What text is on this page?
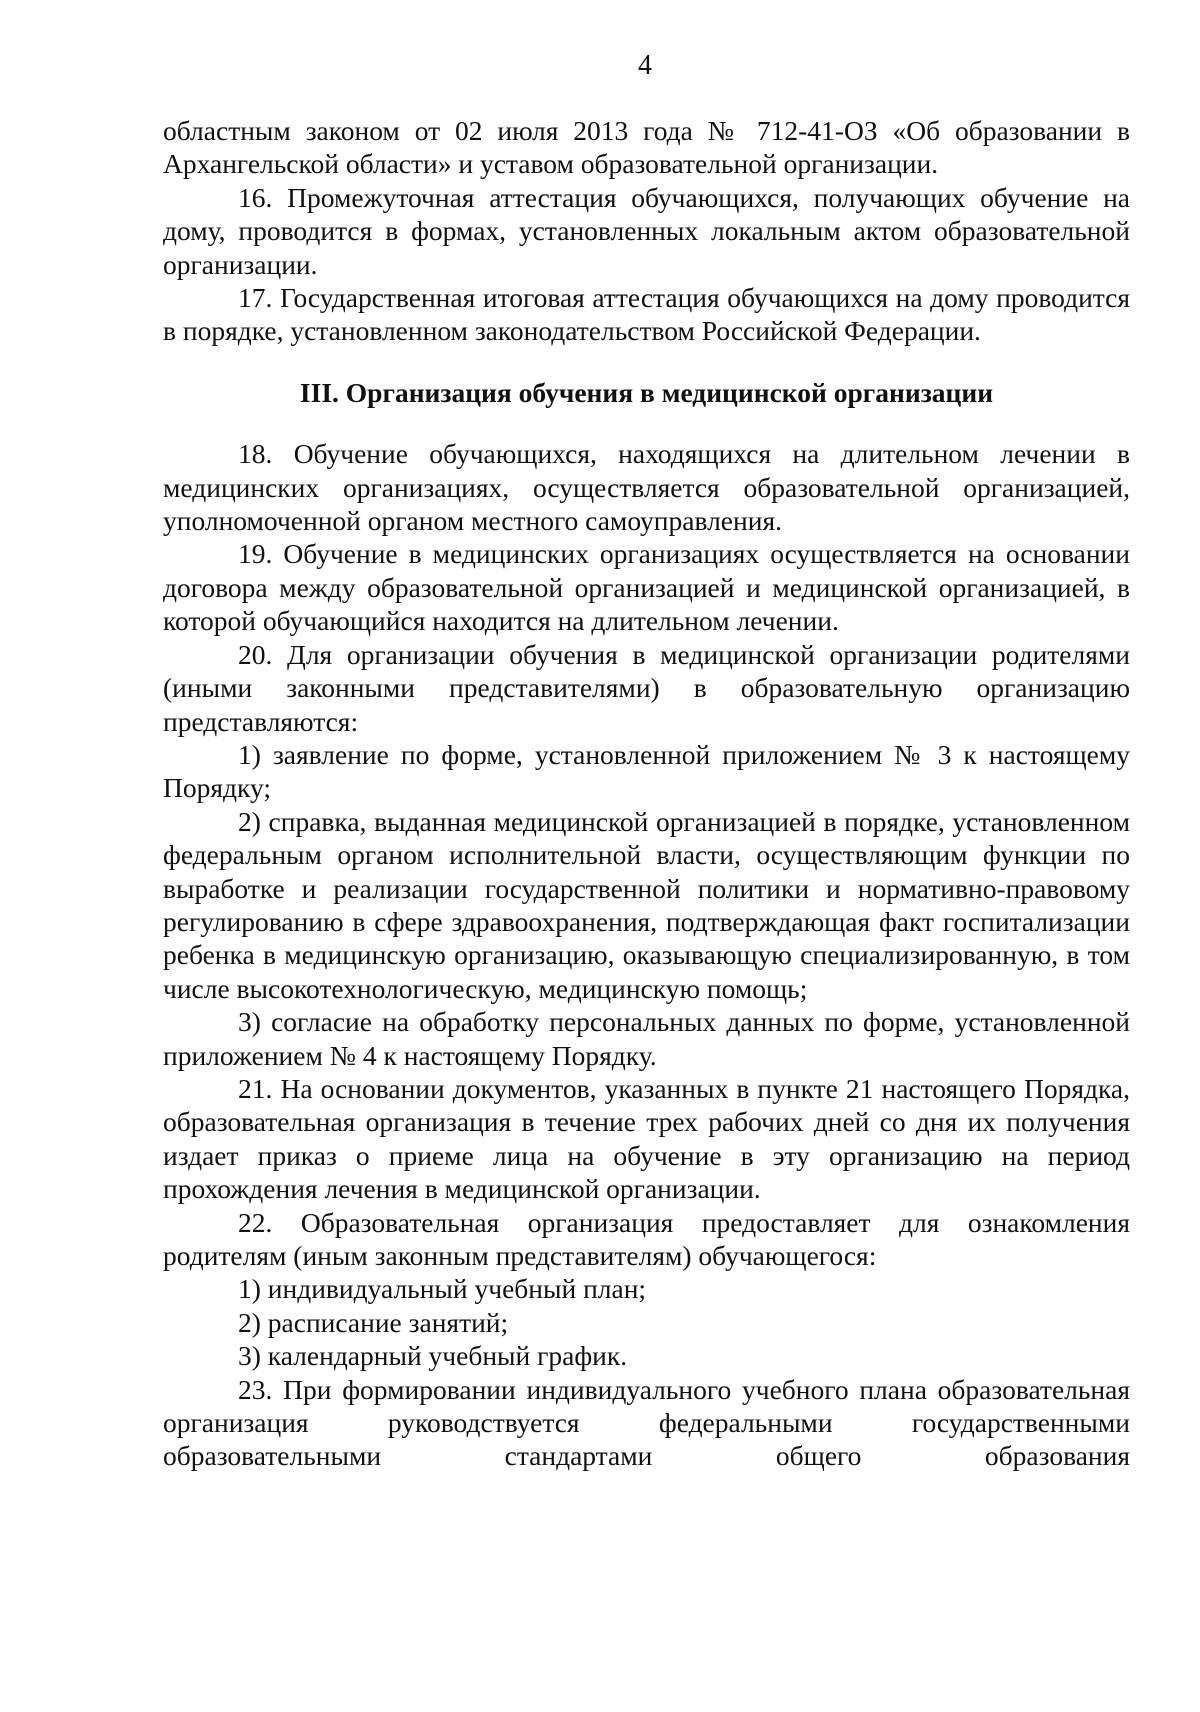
4

областным законом от 02 июля 2013 года № 712-41-ОЗ «Об образовании в Архангельской области» и уставом образовательной организации.

16. Промежуточная аттестация обучающихся, получающих обучение на дому, проводится в формах, установленных локальным актом образовательной организации.

17. Государственная итоговая аттестация обучающихся на дому проводится в порядке, установленном законодательством Российской Федерации.

III. Организация обучения в медицинской организации

18. Обучение обучающихся, находящихся на длительном лечении в медицинских организациях, осуществляется образовательной организацией, уполномоченной органом местного самоуправления.

19. Обучение в медицинских организациях осуществляется на основании договора между образовательной организацией и медицинской организацией, в которой обучающийся находится на длительном лечении.

20. Для организации обучения в медицинской организации родителями (иными законными представителями) в образовательную организацию представляются:

1) заявление по форме, установленной приложением № 3 к настоящему Порядку;

2) справка, выданная медицинской организацией в порядке, установленном федеральным органом исполнительной власти, осуществляющим функции по выработке и реализации государственной политики и нормативно-правовому регулированию в сфере здравоохранения, подтверждающая факт госпитализации ребенка в медицинскую организацию, оказывающую специализированную, в том числе высокотехнологическую, медицинскую помощь;

3) согласие на обработку персональных данных по форме, установленной приложением № 4 к настоящему Порядку.

21. На основании документов, указанных в пункте 21 настоящего Порядка, образовательная организация в течение трех рабочих дней со дня их получения издает приказ о приеме лица на обучение в эту организацию на период прохождения лечения в медицинской организации.

22. Образовательная организация предоставляет для ознакомления родителям (иным законным представителям) обучающегося:

1) индивидуальный учебный план;

2) расписание занятий;

3) календарный учебный график.

23. При формировании индивидуального учебного плана образовательная организация руководствуется федеральными государственными образовательными стандартами общего образования
